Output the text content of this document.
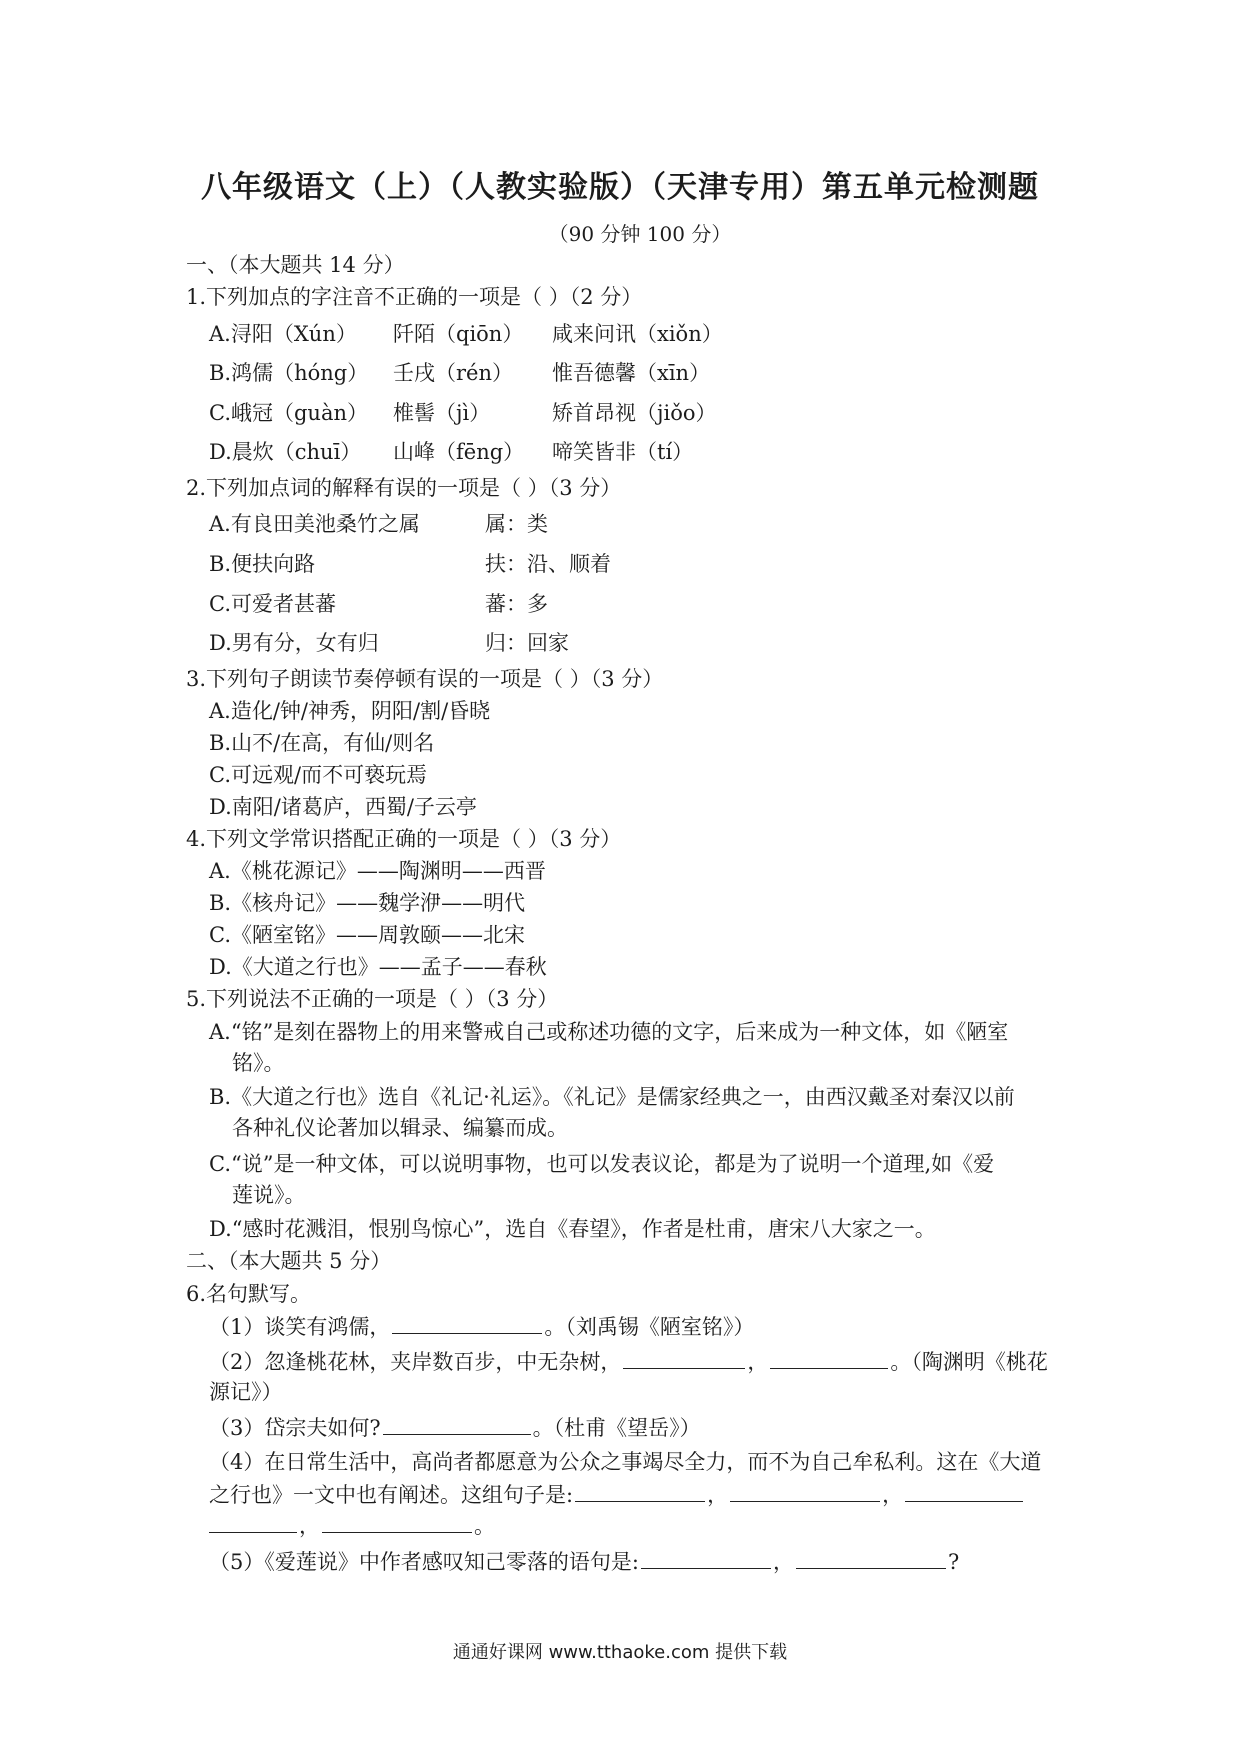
八年级语文（上）（人教实验版）（天津专用）第五单元检测题
（90 分钟 100 分）
一、（本大题共 14 分）
1.下列加点的字注音不正确的一项是（ ）（2 分）
A.浔阳（Xún） 阡陌（qiōn） 咸来问讯（xiǒn）
B.鸿儒（hóng） 壬戌（rén） 惟吾德馨（xīn）
C.峨冠（guàn） 椎髻（jì）	矫首昂视（jiǒo）
D.晨炊（chuī） 山峰（fēng） 啼笑皆非（tí）
2.下列加点词的解释有误的一项是（ ）（3 分）
A.有良田美池桑竹之属	属：类
B.便扶向路	扶：沿、顺着
C.可爱者甚蕃	蕃：多
D.男有分，女有归	归：回家
3.下列句子朗读节奏停顿有误的一项是（ ）（3 分）
A.造化/钟/神秀，阴阳/割/昏晓
B.山不/在高，有仙/则名
C.可远观/而不可亵玩焉
D.南阳/诸葛庐，西蜀/子云亭
4.下列文学常识搭配正确的一项是（ ）（3 分）
A.《桃花源记》——陶渊明——西晋
B.《核舟记》——魏学洢——明代
C.《陋室铭》——周敦颐——北宋
D.《大道之行也》——孟子——春秋
5.下列说法不正确的一项是（ ）（3 分）
A.“铭”是刻在器物上的用来警戒自己或称述功德的文字，后来成为一种文体，如《陋室
铭》。
B.《大道之行也》选自《礼记·礼运》。《礼记》是儒家经典之一，由西汉戴圣对秦汉以前
各种礼仪论著加以辑录、编纂而成。
C.“说”是一种文体，可以说明事物，也可以发表议论，都是为了说明一个道理,如《爱
莲说》。
D.“感时花溅泪，恨别鸟惊心”，选自《春望》，作者是杜甫，唐宋八大家之一。
二、（本大题共 5 分）
6.名句默写。
（1）谈笑有鸿儒，	。（刘禹锡《陋室铭》）
（2）忽逢桃花林，夹岸数百步，中无杂树，	，	。（陶渊明《桃花
源记》）
（3）岱宗夫如何?	。（杜甫《望岳》）
（4）在日常生活中，高尚者都愿意为公众之事竭尽全力，而不为自己牟私利。这在《大道
之行也》一文中也有阐述。这组句子是:	，	，
，	。
（5）《爱莲说》中作者感叹知己零落的语句是:	，	?
通通好课网 www.tthaoke.com 提供下载
